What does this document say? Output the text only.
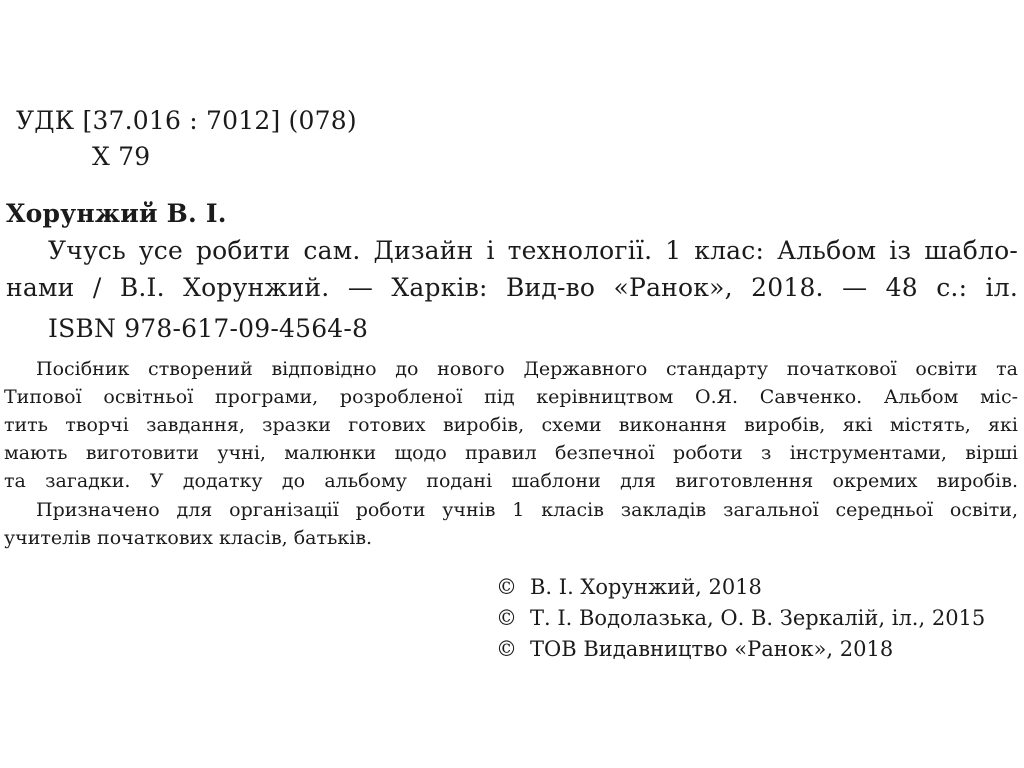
УДК [37.016 : 7012] (078)
Х 79
Хорунжий В. І.
Учусь усе робити сам. Дизайн і технології. 1 клас: Альбом із шабло-
нами / В.І. Хорунжий. — Харків: Вид-во «Ранок», 2018. — 48 с.: іл.
ISBN 978-617-09-4564-8
Посібник створений відповідно до нового Державного стандарту початкової освіти та
Типової освітньої програми, розробленої під керівництвом О.Я. Савченко. Альбом міс-
тить творчі завдання, зразки готових виробів, схеми виконання виробів, які містять, які
мають виготовити учні, малюнки щодо правил безпечної роботи з інструментами, вірші
та загадки. У додатку до альбому подані шаблони для виготовлення окремих виробів.
Призначено для організації роботи учнів 1 класів закладів загальної середньої освіти,
учителів початкових класів, батьків.
© В. І. Хорунжий, 2018
© Т. І. Водолазька, О. В. Зеркалій, іл., 2015
© ТОВ Видавництво «Ранок», 2018
